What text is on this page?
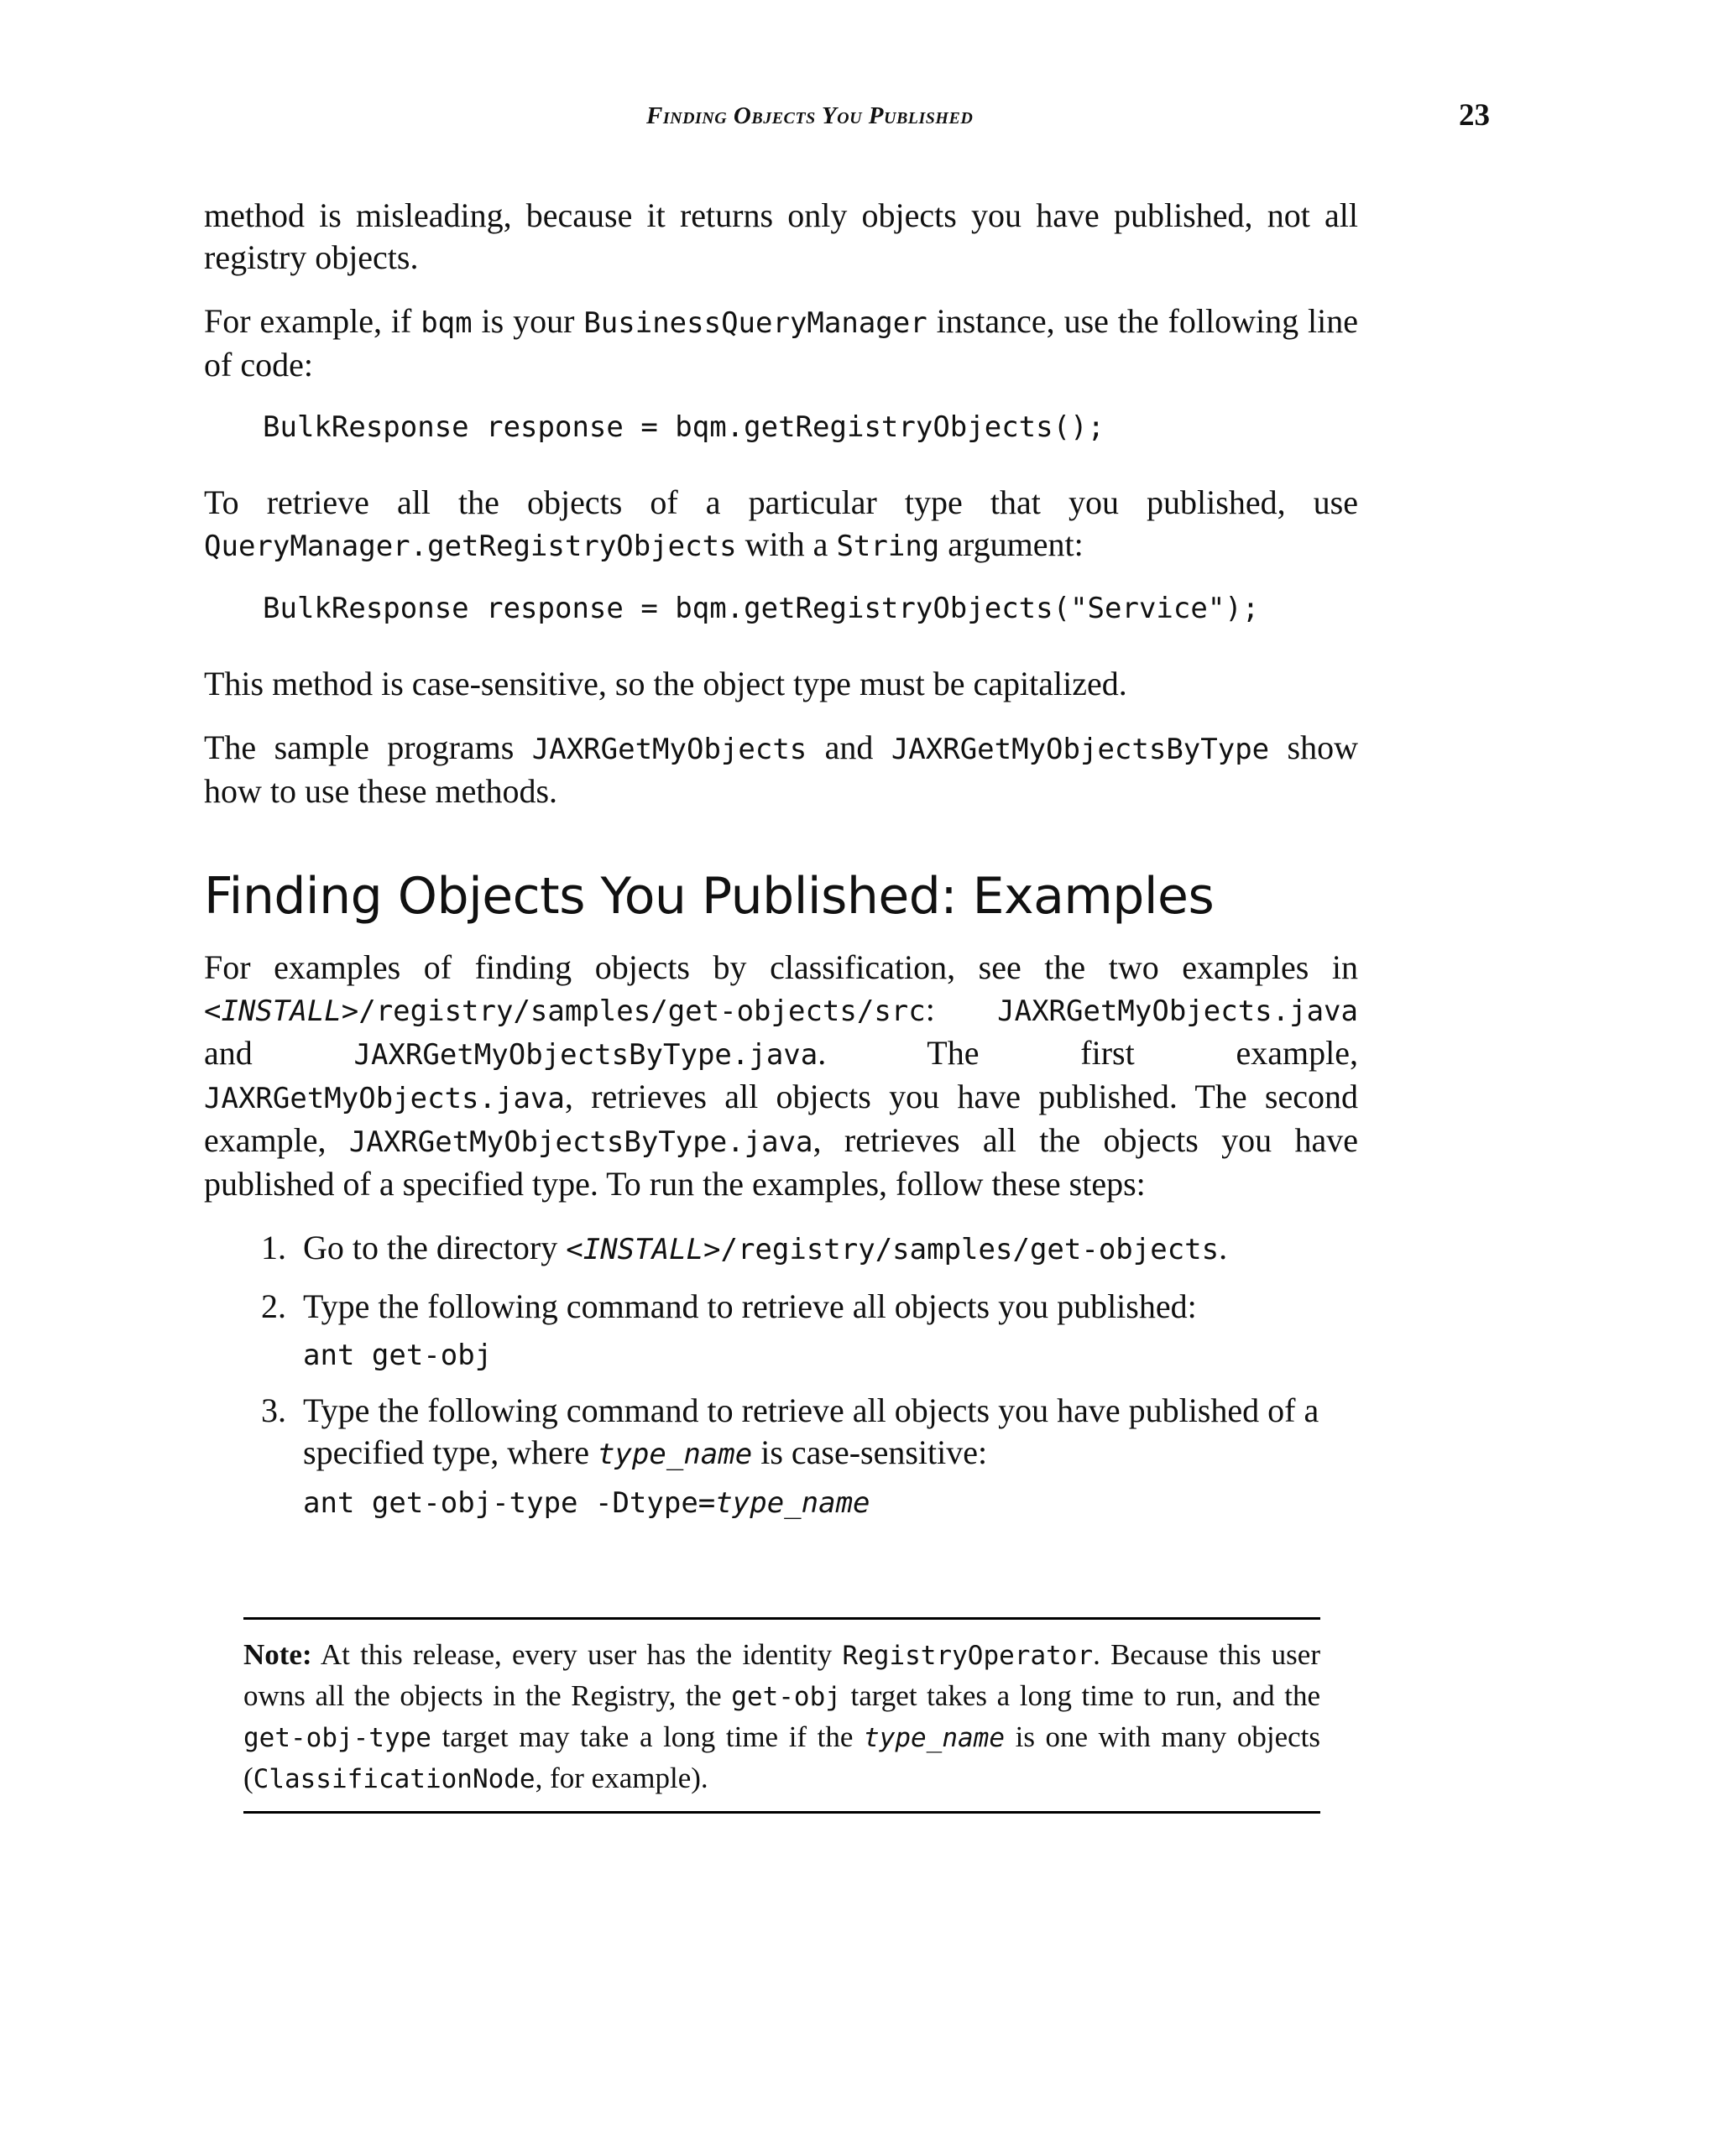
Finding Objects You Published	23

method is misleading, because it returns only objects you have published, not all registry objects.

For example, if bqm is your BusinessQueryManager instance, use the following line of code:

BulkResponse response = bqm.getRegistryObjects();

To retrieve all the objects of a particular type that you published, use QueryManager.getRegistryObjects with a String argument:

BulkResponse response = bqm.getRegistryObjects("Service");

This method is case-sensitive, so the object type must be capitalized.

The sample programs JAXRGetMyObjects and JAXRGetMyObjectsByType show how to use these methods.

Finding Objects You Published: Examples

For examples of finding objects by classification, see the two examples in <INSTALL>/registry/samples/get-objects/src: JAXRGetMyObjects.java and JAXRGetMyObjectsByType.java. The first example, JAXRGetMyObjects.java, retrieves all objects you have published. The second example, JAXRGetMyObjectsByType.java, retrieves all the objects you have published of a specified type. To run the examples, follow these steps:

1. Go to the directory <INSTALL>/registry/samples/get-objects.
2. Type the following command to retrieve all objects you published:
ant get-obj
3. Type the following command to retrieve all objects you have published of a specified type, where type_name is case-sensitive:
ant get-obj-type -Dtype=type_name
Note: At this release, every user has the identity RegistryOperator. Because this user owns all the objects in the Registry, the get-obj target takes a long time to run, and the get-obj-type target may take a long time if the type_name is one with many objects (ClassificationNode, for example).
